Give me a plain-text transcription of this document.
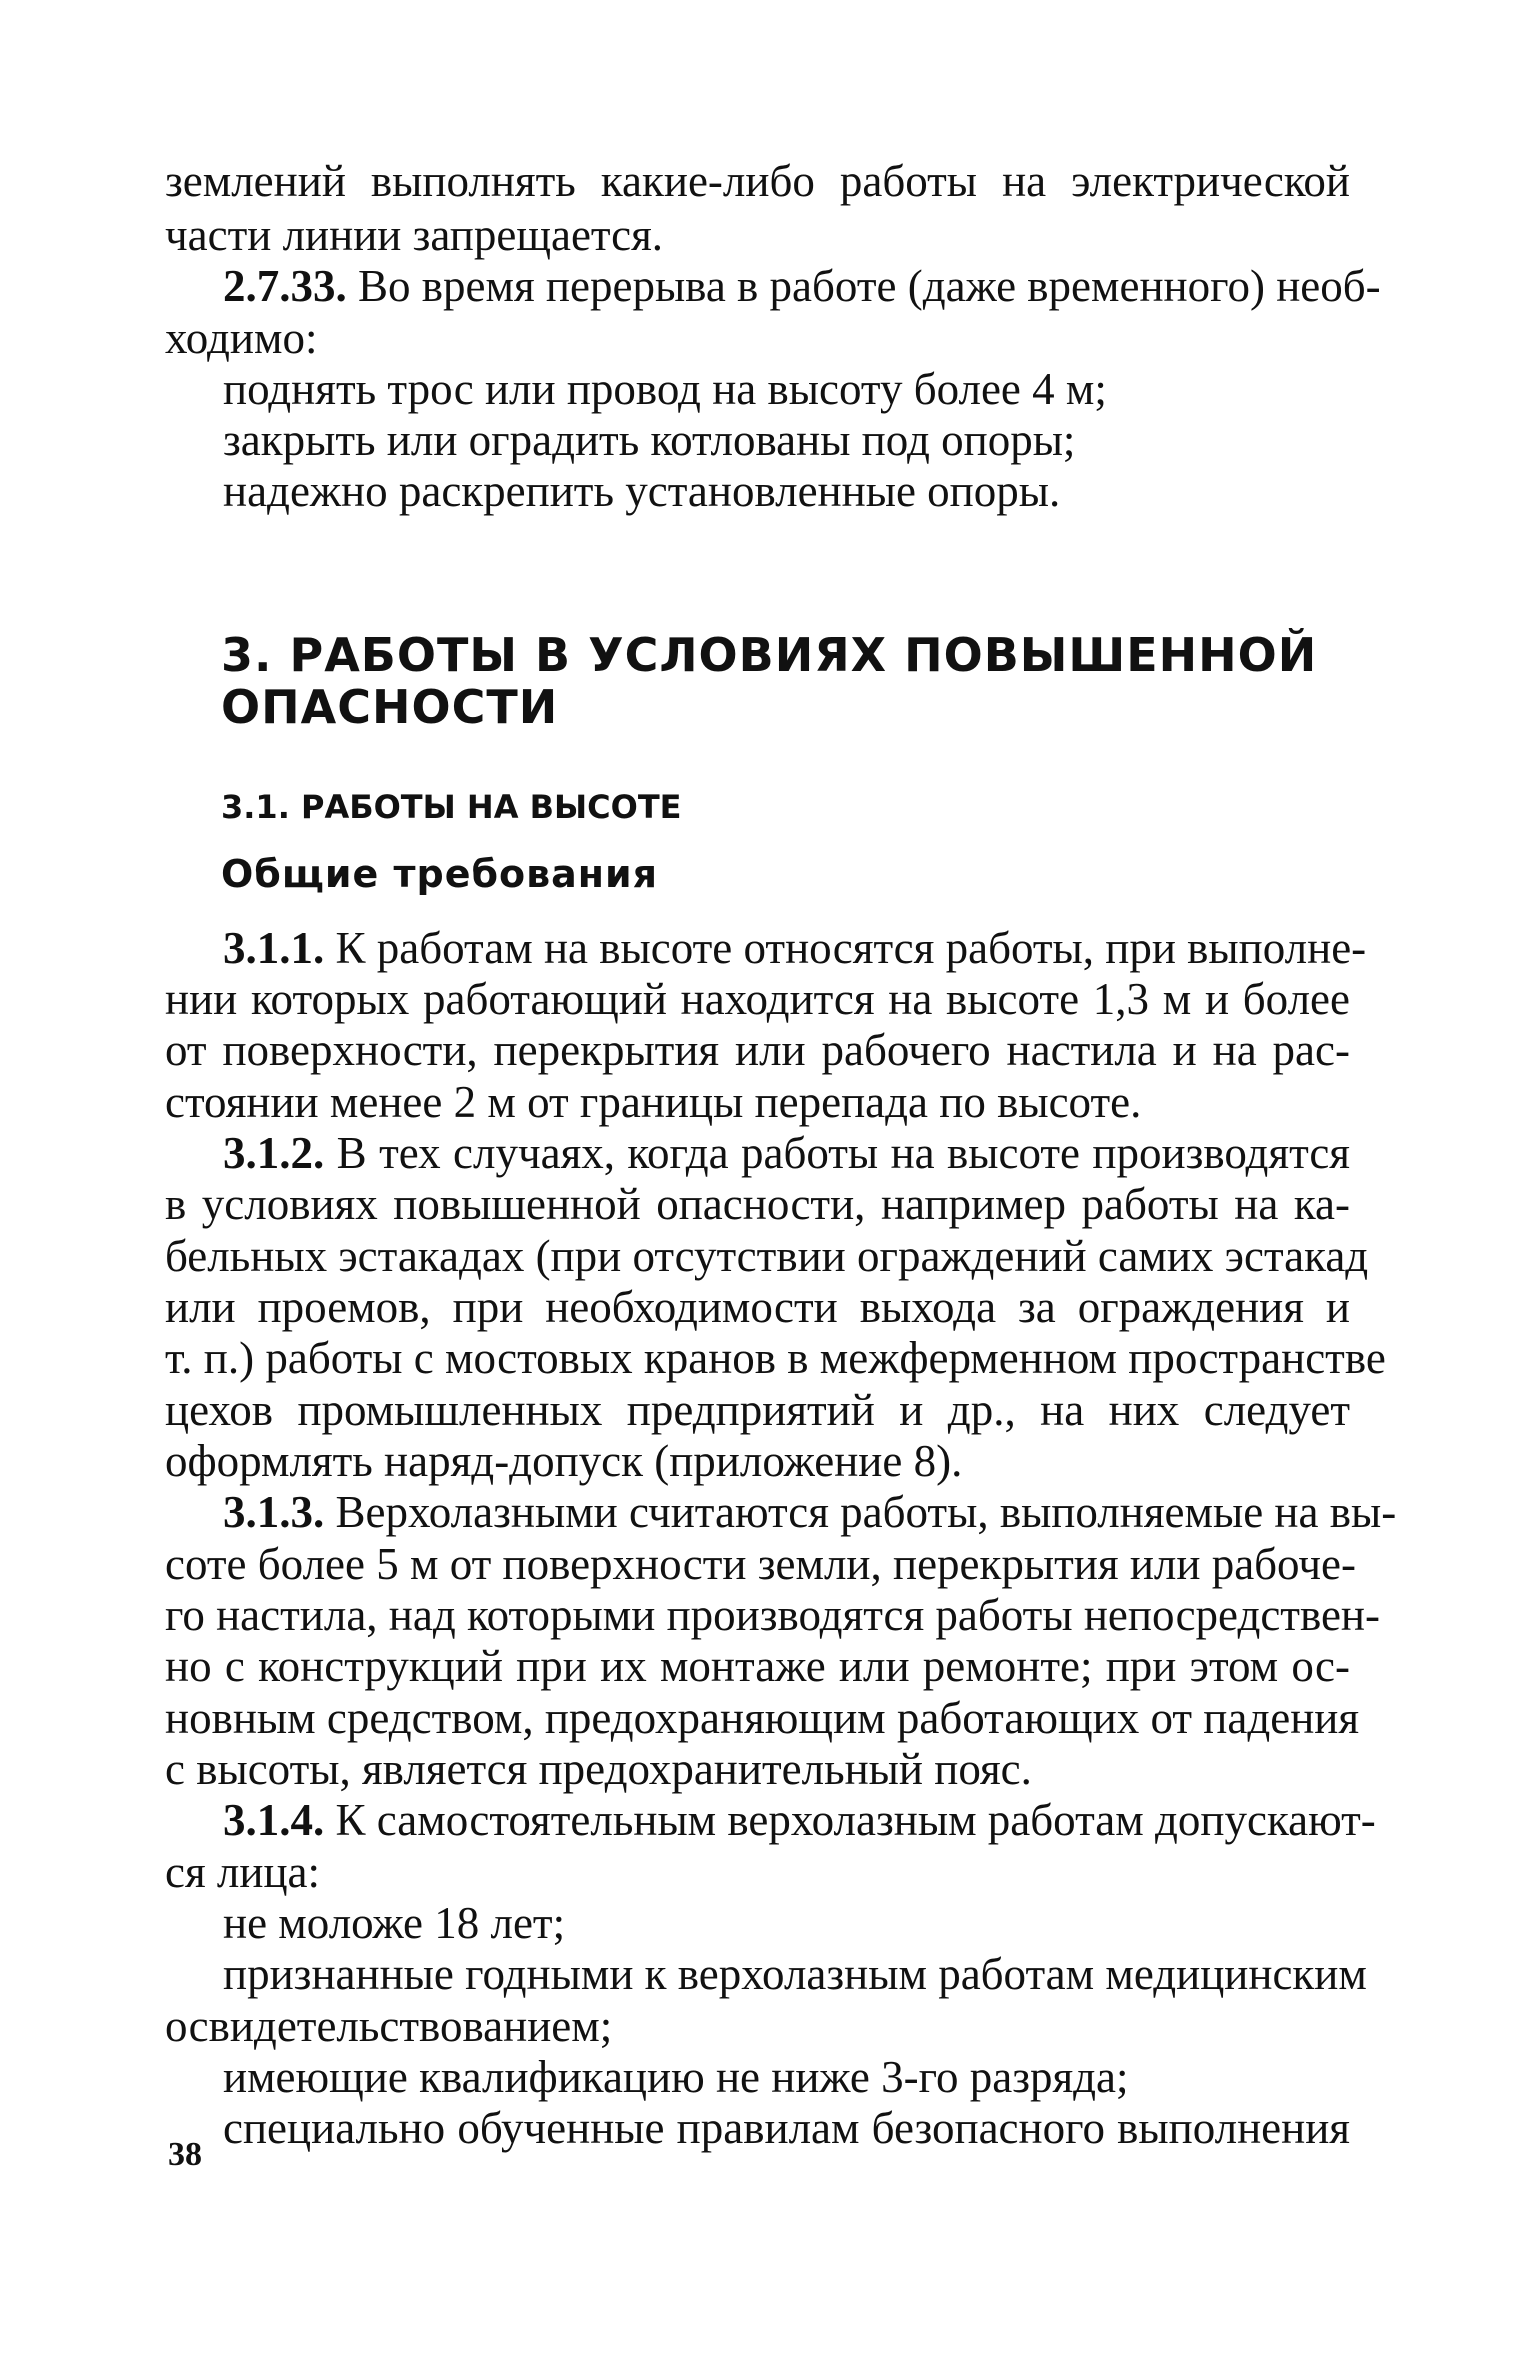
землений выполнять какие-либо работы на электрической

части линии запрещается.

2.7.33. Во время перерыва в работе (даже временного) необ-

ходимо:

поднять трос или провод на высоту более 4 м;

закрыть или оградить котлованы под опоры;

надежно раскрепить установленные опоры.

3. РАБОТЫ В УСЛОВИЯХ ПОВЫШЕННОЙ

ОПАСНОСТИ

3.1. РАБОТЫ НА ВЫСОТЕ

Общие требования

3.1.1. К работам на высоте относятся работы, при выполне-

нии которых работающий находится на высоте 1,3 м и более

от поверхности, перекрытия или рабочего настила и на рас-

стоянии менее 2 м от границы перепада по высоте.

3.1.2. В тех случаях, когда работы на высоте производятся

в условиях повышенной опасности, например работы на ка-

бельных эстакадах (при отсутствии ограждений самих эстакад

или проемов, при необходимости выхода за ограждения и

т. п.) работы с мостовых кранов в межферменном пространстве

цехов промышленных предприятий и др., на них следует

оформлять наряд-допуск (приложение 8).

3.1.3. Верхолазными считаются работы, выполняемые на вы-

соте более 5 м от поверхности земли, перекрытия или рабоче-

го настила, над которыми производятся работы непосредствен-

но с конструкций при их монтаже или ремонте; при этом ос-

новным средством, предохраняющим работающих от падения

с высоты, является предохранительный пояс.

3.1.4. К самостоятельным верхолазным работам допускают-

ся лица:

не моложе 18 лет;

признанные годными к верхолазным работам медицинским

освидетельствованием;

имеющие квалификацию не ниже 3-го разряда;

специально обученные правилам безопасного выполнения

38
